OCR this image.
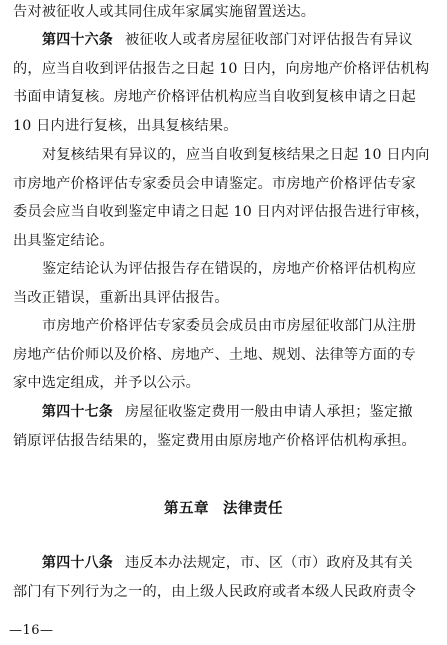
告对被征收人或其同住成年家属实施留置送达。

第四十六条 被征收人或者房屋征收部门对评估报告有异议
的，应当自收到评估报告之日起 10 日内，向房地产价格评估机构
书面申请复核。房地产价格评估机构应当自收到复核申请之日起
10 日内进行复核，出具复核结果。

对复核结果有异议的，应当自收到复核结果之日起 10 日内向
市房地产价格评估专家委员会申请鉴定。市房地产价格评估专家
委员会应当自收到鉴定申请之日起 10 日内对评估报告进行审核，
出具鉴定结论。

鉴定结论认为评估报告存在错误的，房地产价格评估机构应
当改正错误，重新出具评估报告。

市房地产价格评估专家委员会成员由市房屋征收部门从注册
房地产估价师以及价格、房地产、土地、规划、法律等方面的专
家中选定组成，并予以公示。

第四十七条 房屋征收鉴定费用一般由申请人承担；鉴定撤
销原评估报告结果的，鉴定费用由原房地产价格评估机构承担。

第五章 法律责任

第四十八条 违反本办法规定，市、区（市）政府及其有关
部门有下列行为之一的，由上级人民政府或者本级人民政府责令

—16—
